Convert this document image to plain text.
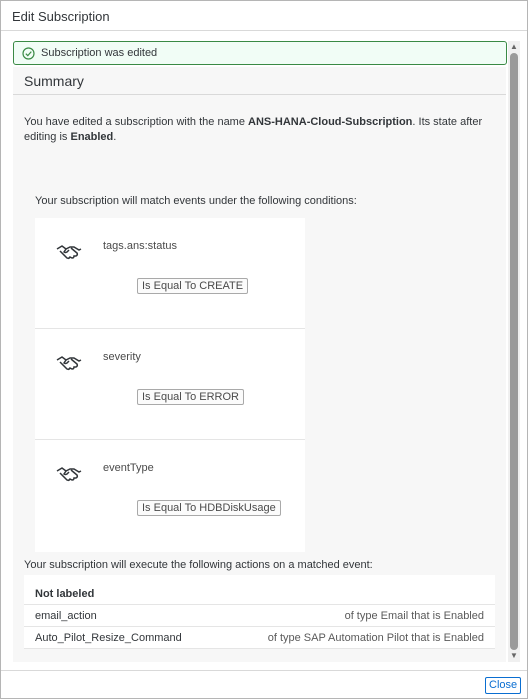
Edit Subscription
Subscription was edited
Summary
You have edited a subscription with the name ANS-HANA-Cloud-Subscription. Its state after editing is Enabled.
Your subscription will match events under the following conditions:
tags.ans:status
Is Equal To CREATE
severity
Is Equal To ERROR
eventType
Is Equal To HDBDiskUsage
Your subscription will execute the following actions on a matched event:
Not labeled
email_action	of type Email that is Enabled
Auto_Pilot_Resize_Command	of type SAP Automation Pilot that is Enabled
▲
▼
Close
